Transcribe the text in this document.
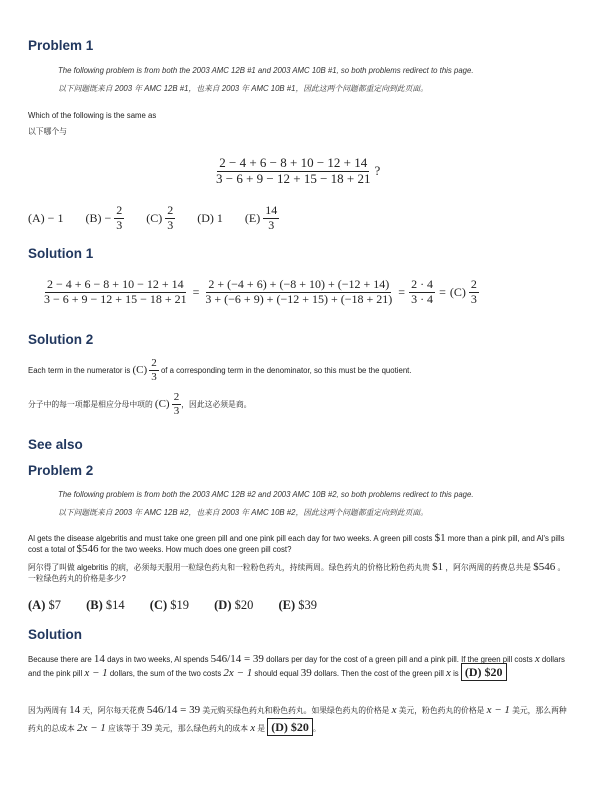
Problem 1
The following problem is from both the 2003 AMC 12B #1 and 2003 AMC 10B #1, so both problems redirect to this page.
以下问题既来自 2003 年 AMC 12B #1，也来自 2003 年 AMC 10B #1，因此这两个问题都重定向到此页面。
Which of the following is the same as
以下哪个与
$\frac{2 - 4 + 6 - 8 + 10 - 12 + 14}{3 - 6 + 9 - 12 + 15 - 18 + 21}$ ?
(A)
− 1 (B)
−
$\frac{2}{3} (C)$
$\frac{2}{3} (D)$
1 (E)
$\frac{14}{3}$
Solution 1
$\frac{2 - 4 + 6 - 8 + 10 - 12 + 14}{3 - 6 + 9 - 12 + 15 - 18 + 21} = \frac{2 + (-4 + 6) + (-8 + 10) + (-12 + 14)}{3 + (-6 + 9) + (-12 + 15) + (-18 + 21)} = \frac{2 \cdot 4}{3 \cdot 4} = (C)$
$\frac{2}{3}$
Solution 2
Each term in the numerator is
(C)
$\frac{2}{3}$
of a corresponding term in the denominator, so this must be the quotient.
分子中的每一项都是相应分母中项的
(C)
$\frac{2}{3}$ ，因此这必须是商。
See also
Problem 2
The following problem is from both the 2003 AMC 12B #2 and 2003 AMC 10B #2, so both problems redirect to this page.
以下问题既来自 2003 年 AMC 12B #2，也来自 2003 年 AMC 10B #2，因此这两个问题都重定向到此页面。
Al gets the disease algebritis and must take one green pill and one pink pill each day for two weeks. A green pill costs $1 more than a pink pill, and Al's pills cost a total of $546 for the two weeks. How much does one green pill cost?
阿尔得了叫做 algebritis 的病，必须每天服用一粒绿色药丸和一粒粉色药丸，持续两周。绿色药丸的价格比粉色药丸贵 $1 ，阿尔两周的药费总共是 $546 。一粒绿色药丸的价格是多少?
(A) $7 (B) $14 (C) $19 (D) $20 (E) $39
Solution
Because there are 14 days in two weeks, Al spends 546/14 = 39 dollars per day for the cost of a green pill and a pink pill. If the green pill costs x dollars and the pink pill x − 1 dollars, the sum of the two costs 2x − 1 should equal 39 dollars. Then the cost of the green pill x is (D) $20
因为两周有 14 天，阿尔每天花费 546/14 = 39 美元购买绿色药丸和粉色药丸。如果绿色药丸的价格是 x 美元，粉色药丸的价格是 x − 1 美元，那么两种药丸的总成本 2x − 1 应该等于 39 美元，那么绿色药丸的成本 x 是 (D) $20 。
